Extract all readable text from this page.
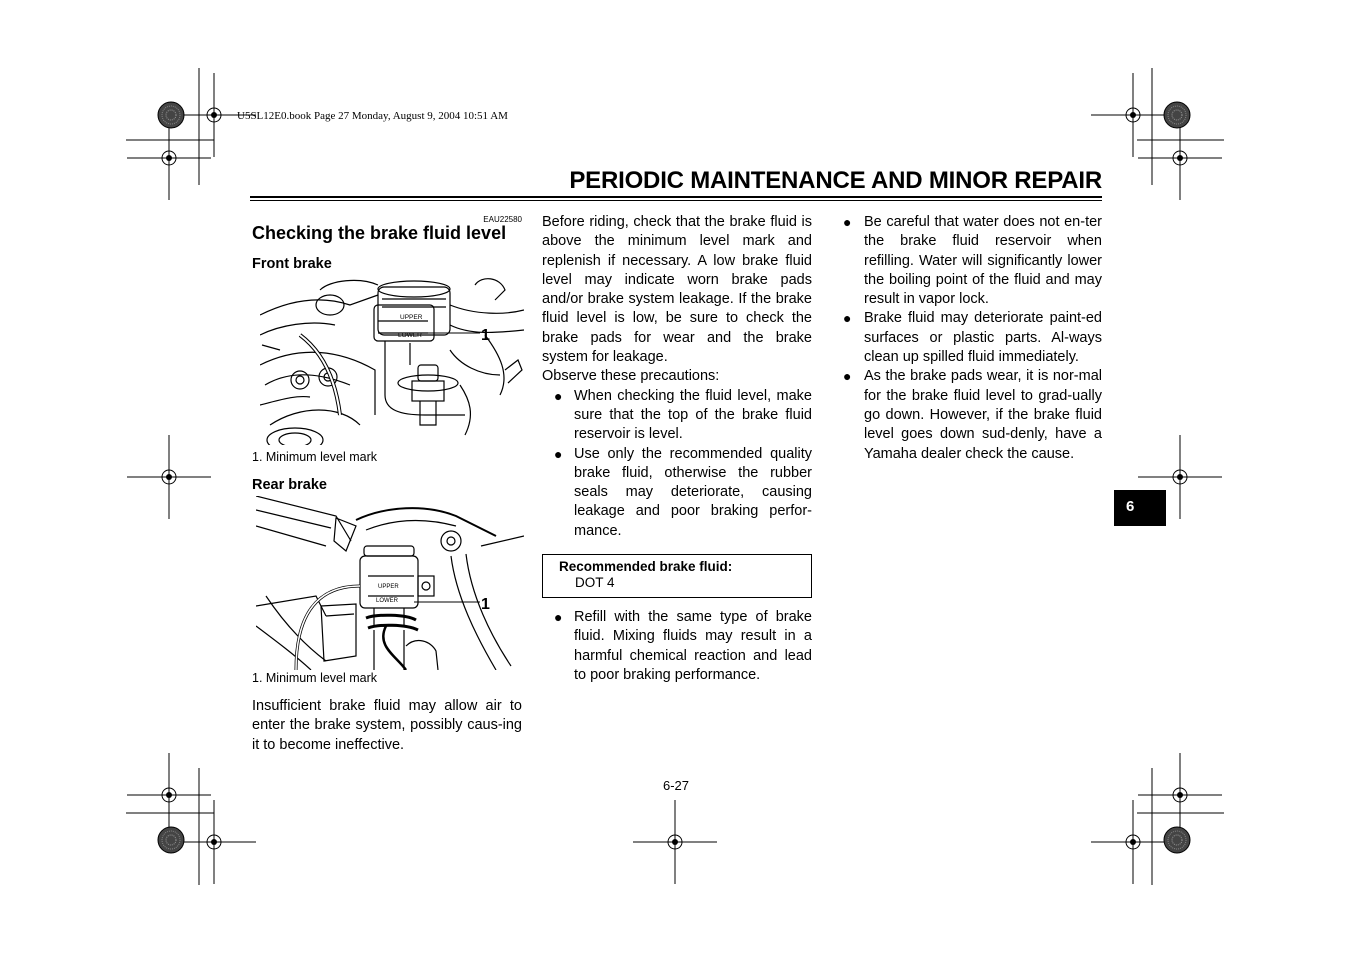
U5SL12E0.book Page 27 Monday, August 9, 2004 10:51 AM
PERIODIC MAINTENANCE AND MINOR REPAIR
EAU22580
Checking the brake fluid level
Front brake
UPPER
LOWER	1
1. Minimum level mark
Rear brake
UPPER
LOWER	1
1. Minimum level mark
Insufficient brake fluid may allow air to enter the brake system, possibly caus-ing it to become ineffective.
Before riding, check that the brake fluid is above the minimum level mark and replenish if necessary. A low brake fluid level may indicate worn brake pads and/or brake system leakage. If the brake fluid level is low, be sure to check the brake pads for wear and the brake system for leakage.
Observe these precautions:
● When checking the fluid level, make sure that the top of the brake fluid reservoir is level.
● Use only the recommended quality brake fluid, otherwise the rubber seals may deteriorate, causing leakage and poor braking perfor-mance.
Recommended brake fluid:
DOT 4
● Refill with the same type of brake fluid. Mixing fluids may result in a harmful chemical reaction and lead to poor braking performance.
● Be careful that water does not en-ter the brake fluid reservoir when refilling. Water will significantly lower the boiling point of the fluid and may result in vapor lock.
● Brake fluid may deteriorate paint-ed surfaces or plastic parts. Al-ways clean up spilled fluid immediately.
● As the brake pads wear, it is nor-mal for the brake fluid level to grad-ually go down. However, if the brake fluid level goes down sud-denly, have a Yamaha dealer check the cause.
6
6-27
